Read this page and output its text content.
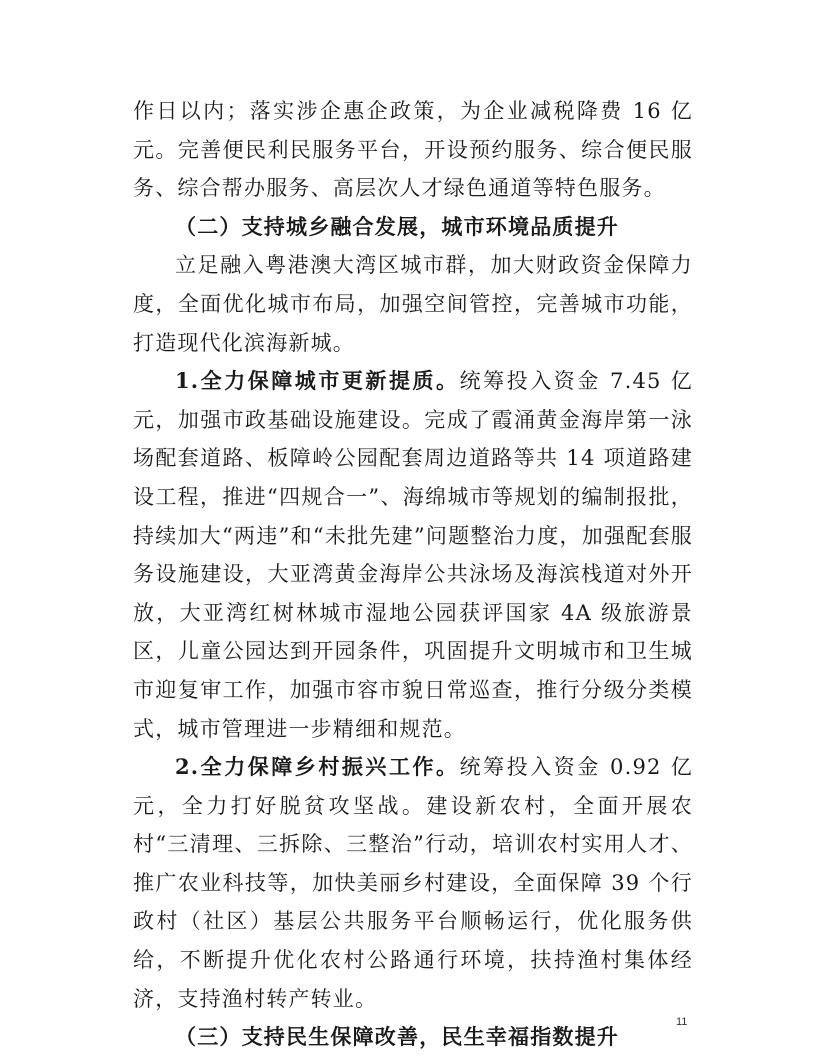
作日以内；落实涉企惠企政策，为企业减税降费 16 亿元。完善便民利民服务平台，开设预约服务、综合便民服务、综合帮办服务、高层次人才绿色通道等特色服务。

（二）支持城乡融合发展，城市环境品质提升

立足融入粤港澳大湾区城市群，加大财政资金保障力度，全面优化城市布局，加强空间管控，完善城市功能，打造现代化滨海新城。

1.全力保障城市更新提质。统筹投入资金 7.45 亿元，加强市政基础设施建设。完成了霞涌黄金海岸第一泳场配套道路、板障岭公园配套周边道路等共 14 项道路建设工程，推进“四规合一”、海绵城市等规划的编制报批，持续加大“两违”和“未批先建”问题整治力度，加强配套服务设施建设，大亚湾黄金海岸公共泳场及海滨栈道对外开放，大亚湾红树林城市湿地公园获评国家 4A 级旅游景区，儿童公园达到开园条件，巩固提升文明城市和卫生城市迎复审工作，加强市容市貌日常巡查，推行分级分类模式，城市管理进一步精细和规范。

2.全力保障乡村振兴工作。统筹投入资金 0.92 亿元，全力打好脱贫攻坚战。建设新农村，全面开展农村“三清理、三拆除、三整治”行动，培训农村实用人才、推广农业科技等，加快美丽乡村建设，全面保障 39 个行政村（社区）基层公共服务平台顺畅运行，优化服务供给，不断提升优化农村公路通行环境，扶持渔村集体经济，支持渔村转产转业。

（三）支持民生保障改善，民生幸福指数提升

11
